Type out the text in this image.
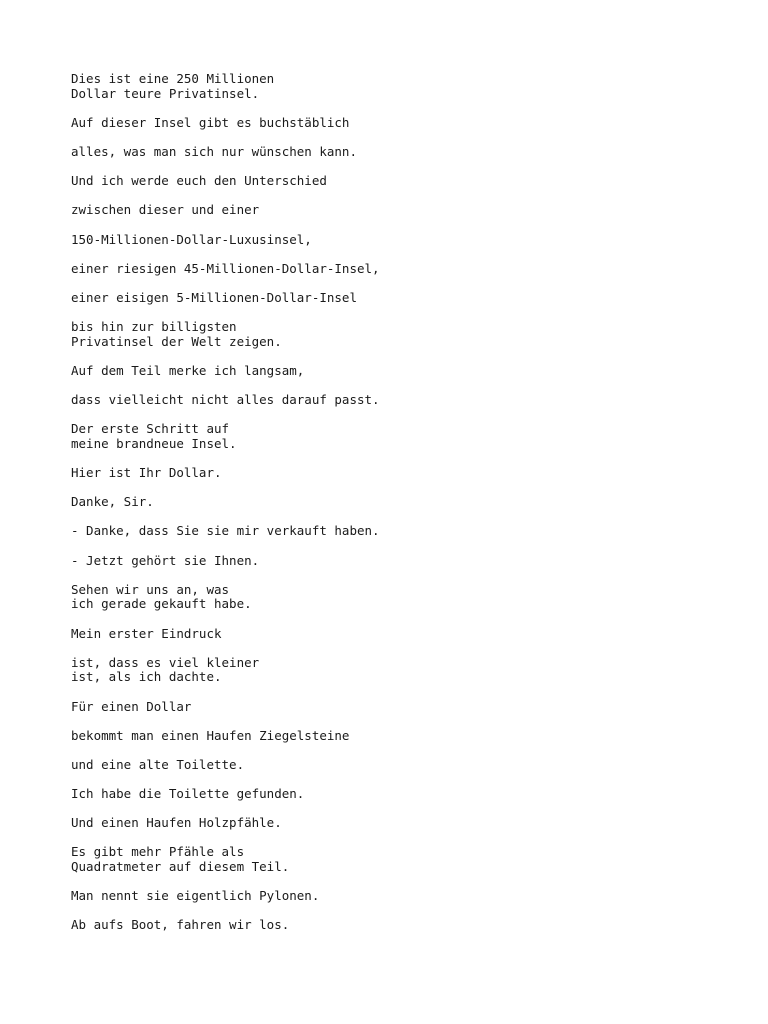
Dies ist eine 250 Millionen
Dollar teure Privatinsel.

Auf dieser Insel gibt es buchstäblich

alles, was man sich nur wünschen kann.

Und ich werde euch den Unterschied

zwischen dieser und einer

150-Millionen-Dollar-Luxusinsel,

einer riesigen 45-Millionen-Dollar-Insel,

einer eisigen 5-Millionen-Dollar-Insel

bis hin zur billigsten
Privatinsel der Welt zeigen.

Auf dem Teil merke ich langsam,

dass vielleicht nicht alles darauf passt.

Der erste Schritt auf
meine brandneue Insel.

Hier ist Ihr Dollar.

Danke, Sir.

- Danke, dass Sie sie mir verkauft haben.

- Jetzt gehört sie Ihnen.

Sehen wir uns an, was
ich gerade gekauft habe.

Mein erster Eindruck

ist, dass es viel kleiner
ist, als ich dachte.

Für einen Dollar

bekommt man einen Haufen Ziegelsteine

und eine alte Toilette.

Ich habe die Toilette gefunden.

Und einen Haufen Holzpfähle.

Es gibt mehr Pfähle als
Quadratmeter auf diesem Teil.

Man nennt sie eigentlich Pylonen.

Ab aufs Boot, fahren wir los.
